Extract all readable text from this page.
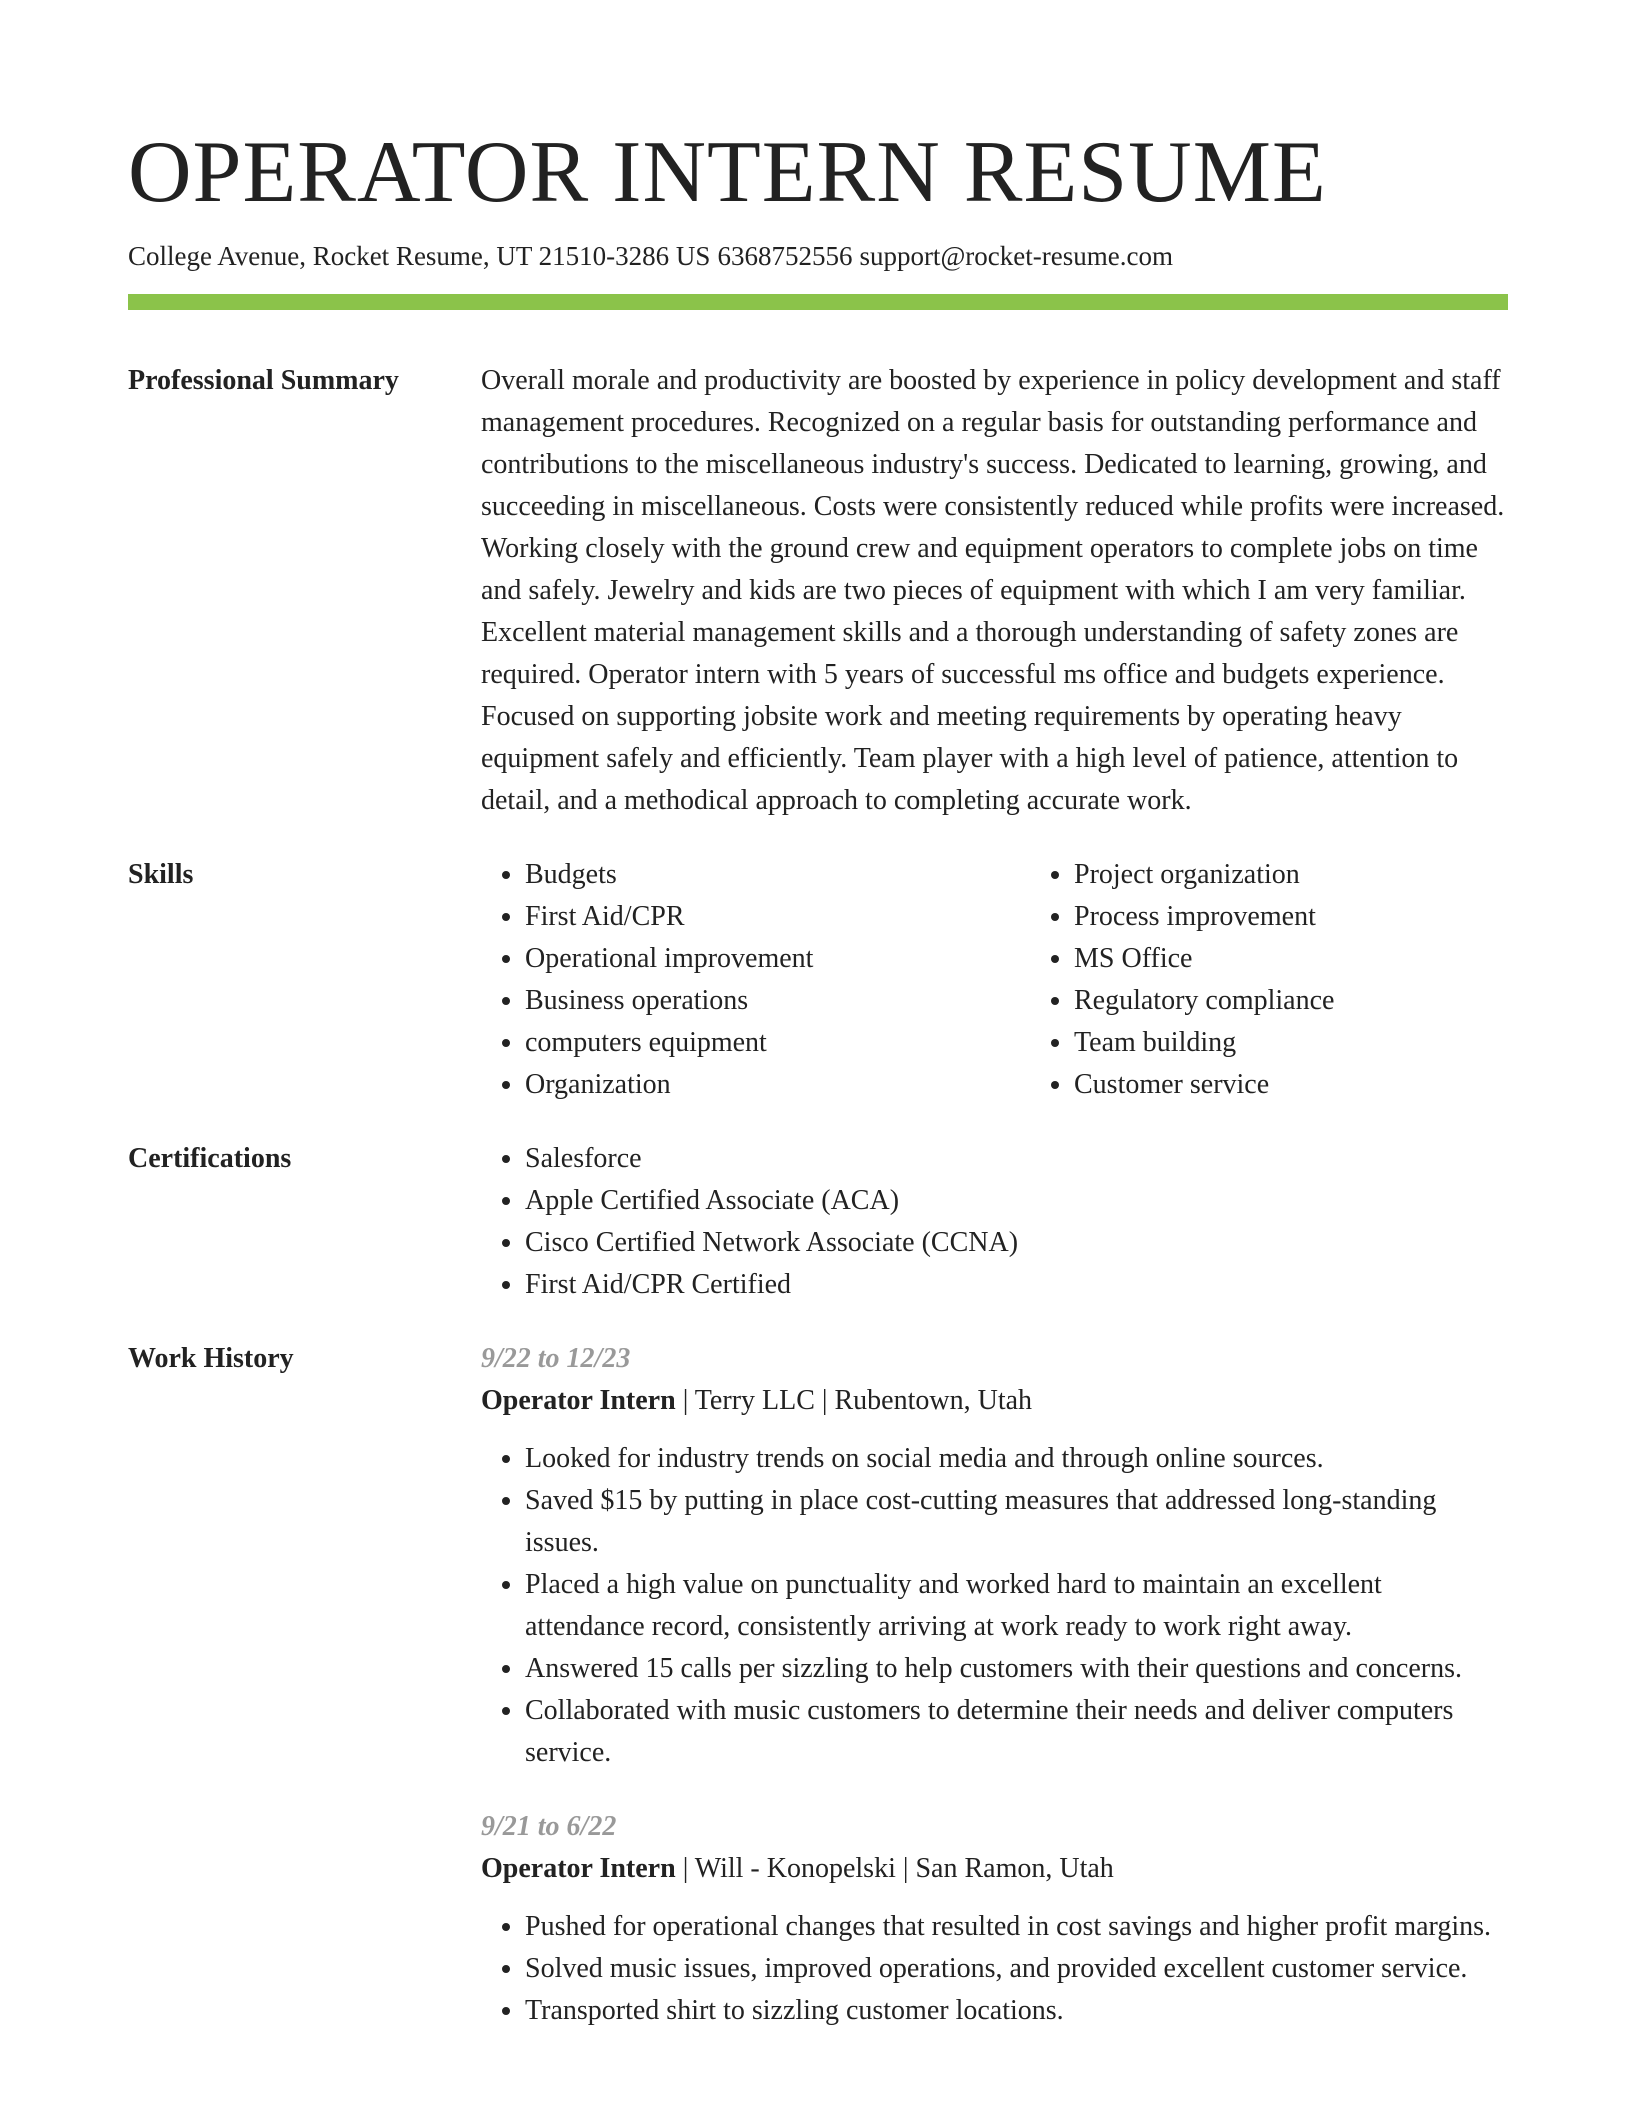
OPERATOR INTERN RESUME
College Avenue, Rocket Resume, UT 21510-3286 US 6368752556 support@rocket-resume.com
Professional Summary	Overall morale and productivity are boosted by experience in policy development and staff management procedures. Recognized on a regular basis for outstanding performance and contributions to the miscellaneous industry's success. Dedicated to learning, growing, and succeeding in miscellaneous. Costs were consistently reduced while profits were increased. Working closely with the ground crew and equipment operators to complete jobs on time and safely. Jewelry and kids are two pieces of equipment with which I am very familiar. Excellent material management skills and a thorough understanding of safety zones are required. Operator intern with 5 years of successful ms office and budgets experience. Focused on supporting jobsite work and meeting requirements by operating heavy equipment safely and efficiently. Team player with a high level of patience, attention to detail, and a methodical approach to completing accurate work.

Skills	• Budgets
• First Aid/CPR
• Operational improvement
• Business operations
• computers equipment
• Organization
• Project organization
• Process improvement
• MS Office
• Regulatory compliance
• Team building
• Customer service
Certifications	• Salesforce
• Apple Certified Associate (ACA)
• Cisco Certified Network Associate (CCNA)
• First Aid/CPR Certified
Work History	9/22 to 12/23
Operator Intern | Terry LLC | Rubentown, Utah
• Looked for industry trends on social media and through online sources.
• Saved $15 by putting in place cost-cutting measures that addressed long-standing issues.
• Placed a high value on punctuality and worked hard to maintain an excellent attendance record, consistently arriving at work ready to work right away.
• Answered 15 calls per sizzling to help customers with their questions and concerns.
• Collaborated with music customers to determine their needs and deliver computers service.
9/21 to 6/22
Operator Intern | Will - Konopelski | San Ramon, Utah
• Pushed for operational changes that resulted in cost savings and higher profit margins.
• Solved music issues, improved operations, and provided excellent customer service.
• Transported shirt to sizzling customer locations.
